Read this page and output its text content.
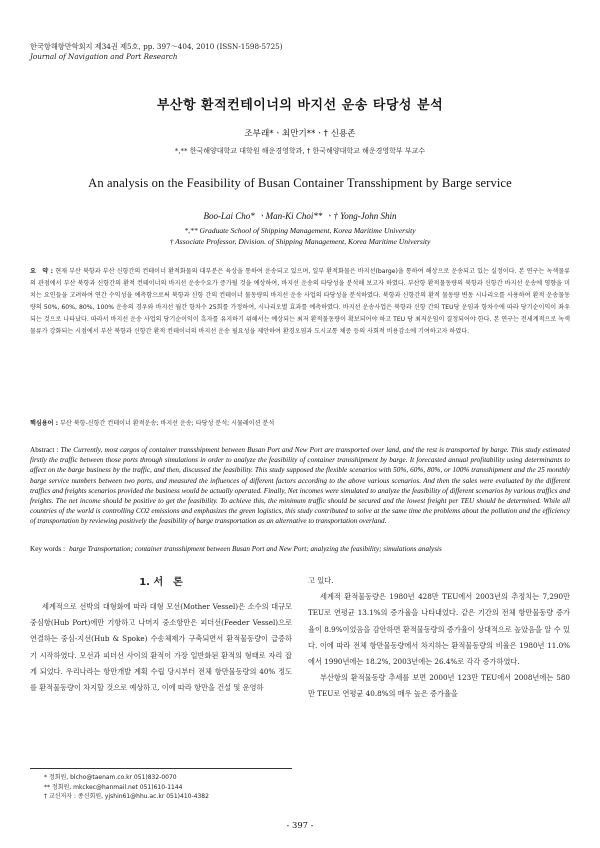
한국항해항만학회지 제34권 제5호, pp. 397～404, 2010 (ISSN-1598-5725)
Journal of Navigation and Port Research
부산항 환적컨테이너의 바지선 운송 타당성 분석
조부래*ㆍ최만기**ㆍ† 신용존
*,** 한국해양대학교 대학원 해운경영학과, † 한국해양대학교 해운경영학부 부교수
An analysis on the Feasibility of Busan Container Transshipment by Barge service
Boo-Lai Cho* ㆍMan-Ki Choi** ㆍ† Yong-John Shin
*,** Graduate School of Shipping Management, Korea Maritime University
† Associate Professor, Division. of Shipping Management, Korea Maritime University
요　약 : 현재 부산 북항과 부산 신항간의 컨테이너 환적화물의 대부분은 육상을 통하여 운송되고 있으며, 일부 환적화물은 바지선(barge)을 통하여 해상으로 운송되고 있는 실정이다. 본 연구는 녹색물류의 관점에서 부산 북항과 신항간의 환적 컨테이너의 바지선 운송수요가 증가될 것을 예상하여, 바지선 운송의 타당성을 분석해 보고자 하였다. 부산항 환적물동량의 북항과 신항간 바지선 운송에 영향을 미치는 요인들을 고려하여 연간 수익성을 예측함으로써 북항과 신항 간의 컨테이너 물동량의 바지선 운송 사업의 타당성을 분석하였다. 북항과 신항간의 환적 물동량 변동 시나리오를 사용하여 환적 운송물동량의 50%, 60%, 80%, 100% 운송의 경우와 바지선 월간 항차수 25회를 가정하여, 시나리오별 효과를 예측하였다. 바지선 운송사업은 북항과 신항 간의 TEU당 운임과 항차수에 따라 당기순이익이 좌우되는 것으로 나타났다. 따라서 바지선 운송 사업의 당기순이익이 흑자를 유지하기 위해서는 예상되는 최저 환적물동량이 확보되어야 하고 TEU 당 최저운임이 결정되어야 한다. 본 연구는 전세계적으로 녹색물류가 강화되는 시점에서 부산 북항과 신항간 환적 컨테이너의 바지선 운송 필요성을 제안하여 환경오염과 도시교통 체증 등의 사회적 비용감소에 기여하고자 하였다.
핵심용어 : 부산 북항-신항간 컨테이너 환적운송; 바지선 운송; 타당성 분석; 시뮬레이션 분석
Abstract : The Currently, most cargos of container transshipment between Busan Port and New Port are transported over land, and the rest is transported by barge. This study estimated firstly the traffic between those ports through simulations in order to analyze the feasibility of container transshipment by barge. It forecasted annual profitability using determinants to affect on the barge business by the traffic, and then, discussed the feasibility. This study supposed the flexible scenarios with 50%, 60%, 80%, or 100% transshipment and the 25 monthly barge service numbers between two ports, and measured the influences of different factors according to the above various scenarios. And then the sales were evaluated by the different traffics and freights scenarios provided the business would be actually operated. Finally, Net incomes were simulated to analyze the feasibility of different scenarios by various traffics and freights. The net income should be positive to get the feasibility. To achieve this, the minimum traffic should be secured and the lowest freight per TEU should be determined. While all countries of the world is controlling CO2 emissions and emphasizes the green logistics, this study contributed to solve at the same time the problems about the pollution and the efficiency of transportation by reviewing positively the feasibility of barge transportation as an alternative to transportation overland.
Key words : barge Transportation; container transshipment between Busan Port and New Port; analyzing the feasibility; simulations analysis
1. 서　론

세계적으로 선박의 대형화에 따라 대형 모선(Mother Vessel)은 소수의 대규모 중심항(Hub Port)에만 기항하고 나머지 중소항만은 피더선(Feeder Vessel)으로 연결하는 중심-지선(Hub & Spoke) 수송체제가 구축되면서 환적물동량이 급증하기 시작하였다. 모선과 피더선 사이의 환적이 가장 일반화된 환적의 형태로 자리 잡게 되었다. 우리나라는 항만개발 계획 수립 당시부터 전체 항만물동량의 40% 정도를 환적물동량이 차지할 것으로 예상하고, 이에 따라 항만을 건설 및 운영하

고 있다.

세계적 환적물동량은 1980년 428만 TEU에서 2003년의 추정치는 7,290만 TEU로 연평균 13.1%의 증가율을 나타내었다. 같은 기간의 전체 항만물동량 증가율이 8.9%이었음을 감안하면 환적물동량의 증가율이 상대적으로 높았음을 알 수 있다. 이에 따라 전체 항만물동량에서 차지하는 환적물동량의 비율은 1980년 11.0%에서 1990년에는 18.2%, 2003년에는 26.4%로 각각 증가하였다.

부산항의 환적물동량 추세를 보면 2000년 123만 TEU에서 2008년에는 580만 TEU로 연평균 40.8%의 매우 높은 증가율을

* 정회원, blcho@taenam.co.kr 051)832-0070
** 정회원, mkckec@hanmail.net 051)610-1144
† 교신저자 : 종신회원, yjshin61@hhu.ac.kr 051)410-4382
- 397 -
